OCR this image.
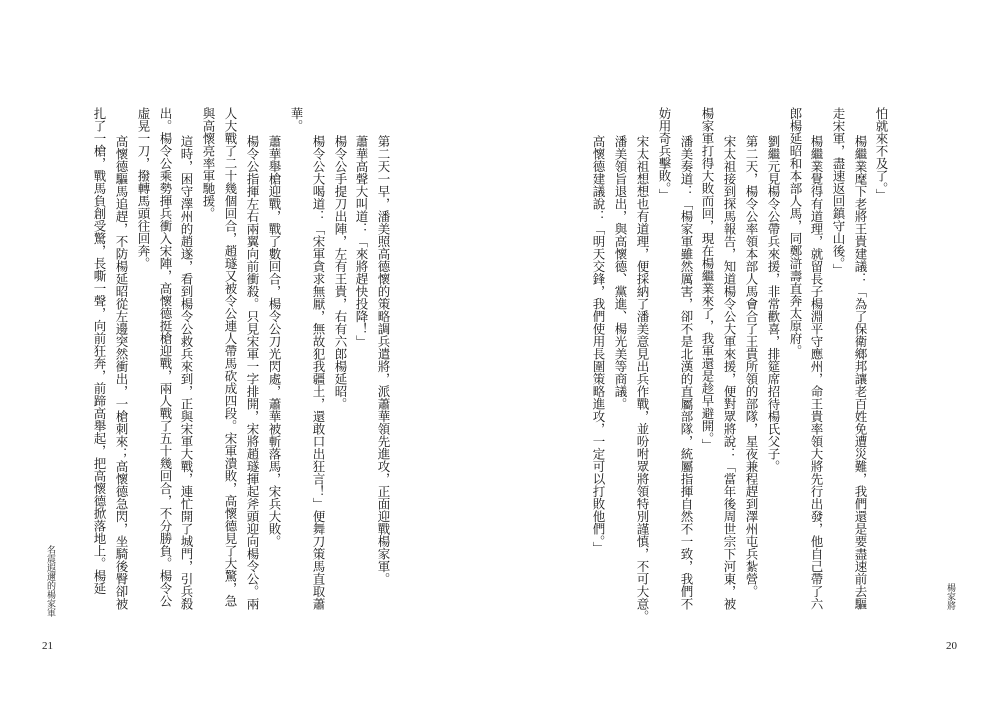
第二天一早，潘美照高德懷的策略調兵遣將，派蕭華領先進攻，正面迎戰楊家軍。
蕭華高聲大叫道：「來將趕快投降！」
楊令公手提刀出陣，左有王貴，右有六郎楊延昭。
楊令公大喝道：「宋軍貪求無厭，無故犯我疆土，還敢口出狂言！」便舞刀策馬直取蕭
華。
蕭華舉槍迎戰，戰了數回合，楊令公刀光閃處，蕭華被斬落馬，宋兵大敗。
楊令公指揮左右兩翼向前衝殺。只見宋軍一字排開，宋將趙璲揮起斧頭迎向楊令公。兩
人大戰了二十幾個回合，趙璲又被令公連人帶馬砍成四段。宋軍潰敗，高懷德見了大驚，急
與高懷亮率軍馳援。
這時，困守澤州的趙遂，看到楊令公救兵來到，正與宋軍大戰，連忙開了城門，引兵殺
出。楊令公乘勢揮兵衝入宋陣，高懷德挺槍迎戰，兩人戰了五十幾回合，不分勝負。楊令公
虛晃一刀，撥轉馬頭往回奔。
高懷德驅馬追趕，不防楊延昭從左邊突然衝出，一槍刺來；高懷德急閃，坐騎後臀卻被
扎了一槍，戰馬負創受驚，長嘶一聲，向前狂奔，前蹄高舉起，把高懷德掀落地上。楊延
名震遐邇的楊家軍
21
怕就來不及了。」
楊繼業麾下老將王貴建議：「為了保衛鄉邦讓老百姓免遭災難，我們還是要盡速前去驅
走宋軍，盡速返回鎮守山後。」
楊繼業覺得有道理，就留長子楊淵平守應州，命王貴率領大將先行出發，他自己帶了六
郎楊延昭和本部人馬，同鄭滸壽直奔太原府。
劉繼元見楊令公帶兵來援，非常歡喜，排筵席招待楊氏父子。
第二天，楊令公率領本部人馬會合了王貴所領的部隊，星夜兼程趕到澤州屯兵紮營。
宋太祖接到探馬報告，知道楊令公大軍來援，便對眾將說：「當年後周世宗下河東，被
楊家軍打得大敗而回，現在楊繼業來了，我軍還是趁早避開。」
潘美奏道：「楊家軍雖然厲害，卻不是北漢的直屬部隊，統屬指揮自然不一致，我們不
妨用奇兵擊敗。」
宋太祖想想也有道理，便採納了潘美意見出兵作戰，並吩咐眾將領特別謹慎，不可大意。
潘美領旨退出，與高懷德、黨進、楊光美等商議。
高懷德建議說：「明天交鋒，我們使用長圍策略進攻，一定可以打敗他們。」
楊家將
20
